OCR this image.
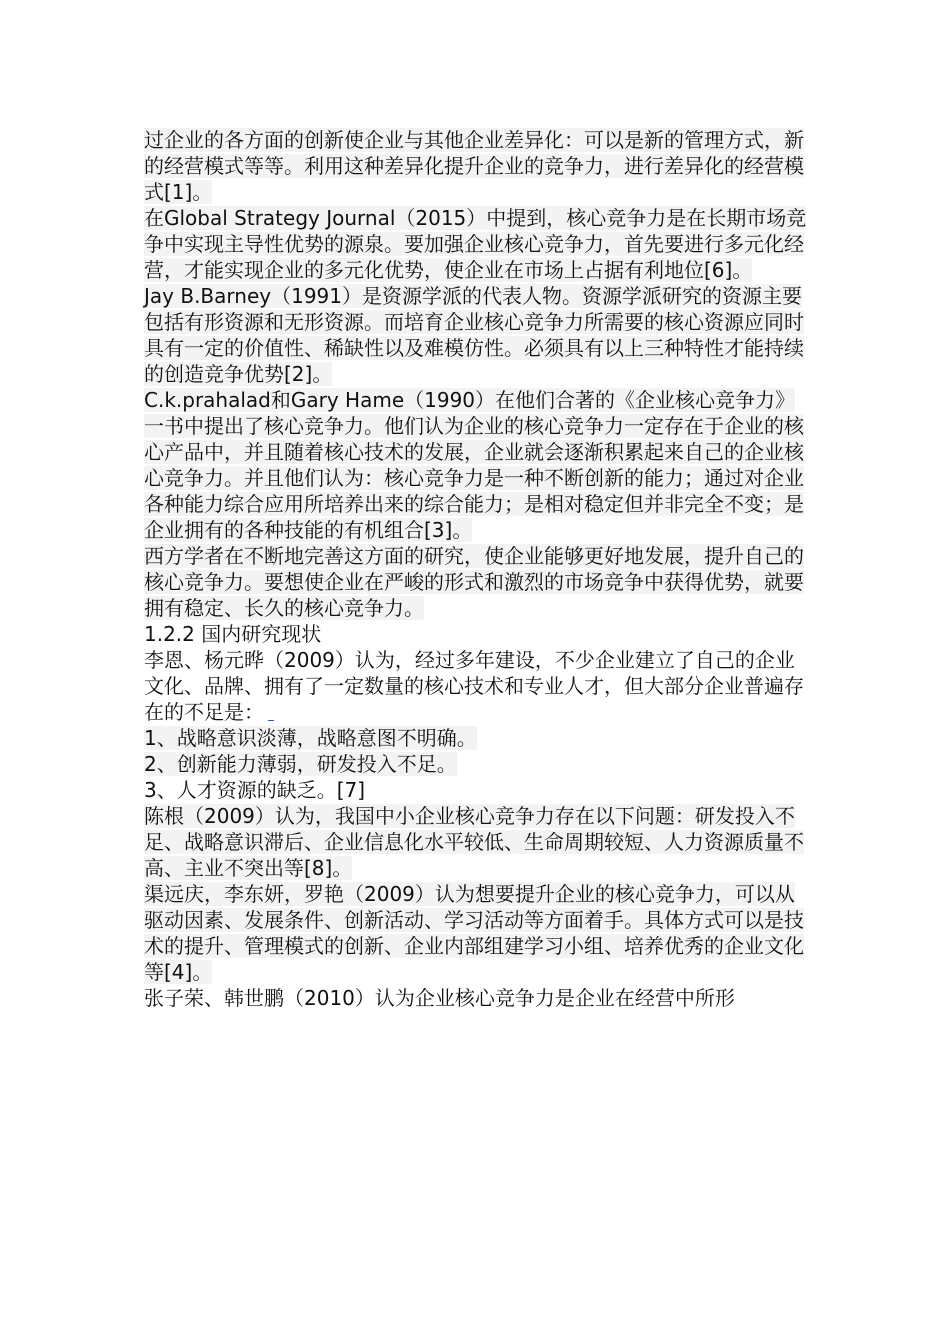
过企业的各方面的创新使企业与其他企业差异化：可以是新的管理方式，新的经营模式等等。利用这种差异化提升企业的竞争力，进行差异化的经营模式[1]。

在Global Strategy Journal（2015）中提到，核心竞争力是在长期市场竞争中实现主导性优势的源泉。要加强企业核心竞争力，首先要进行多元化经营，才能实现企业的多元化优势，使企业在市场上占据有利地位[6]。

Jay B.Barney（1991）是资源学派的代表人物。资源学派研究的资源主要包括有形资源和无形资源。而培育企业核心竞争力所需要的核心资源应同时具有一定的价值性、稀缺性以及难模仿性。必须具有以上三种特性才能持续的创造竞争优势[2]。

C.k.prahalad和Gary Hame（1990）在他们合著的《企业核心竞争力》一书中提出了核心竞争力。他们认为企业的核心竞争力一定存在于企业的核心产品中，并且随着核心技术的发展，企业就会逐渐积累起来自己的企业核心竞争力。并且他们认为：核心竞争力是一种不断创新的能力；通过对企业各种能力综合应用所培养出来的综合能力；是相对稳定但并非完全不变；是企业拥有的各种技能的有机组合[3]。

西方学者在不断地完善这方面的研究，使企业能够更好地发展，提升自己的核心竞争力。要想使企业在严峻的形式和激烈的市场竞争中获得优势，就要拥有稳定、长久的核心竞争力。

1.2.2 国内研究现状

李恩、杨元晔（2009）认为，经过多年建设，不少企业建立了自己的企业文化、品牌、拥有了一定数量的核心技术和专业人才，但大部分企业普遍存在的不足是：

1、战略意识淡薄，战略意图不明确。

2、创新能力薄弱，研发投入不足。

3、人才资源的缺乏。[7]

陈根（2009）认为，我国中小企业核心竞争力存在以下问题：研发投入不足、战略意识滞后、企业信息化水平较低、生命周期较短、人力资源质量不高、主业不突出等[8]。

渠远庆，李东妍，罗艳（2009）认为想要提升企业的核心竞争力，可以从驱动因素、发展条件、创新活动、学习活动等方面着手。具体方式可以是技术的提升、管理模式的创新、企业内部组建学习小组、培养优秀的企业文化等[4]。

张子荣、韩世鹏（2010）认为企业核心竞争力是企业在经营中所形
